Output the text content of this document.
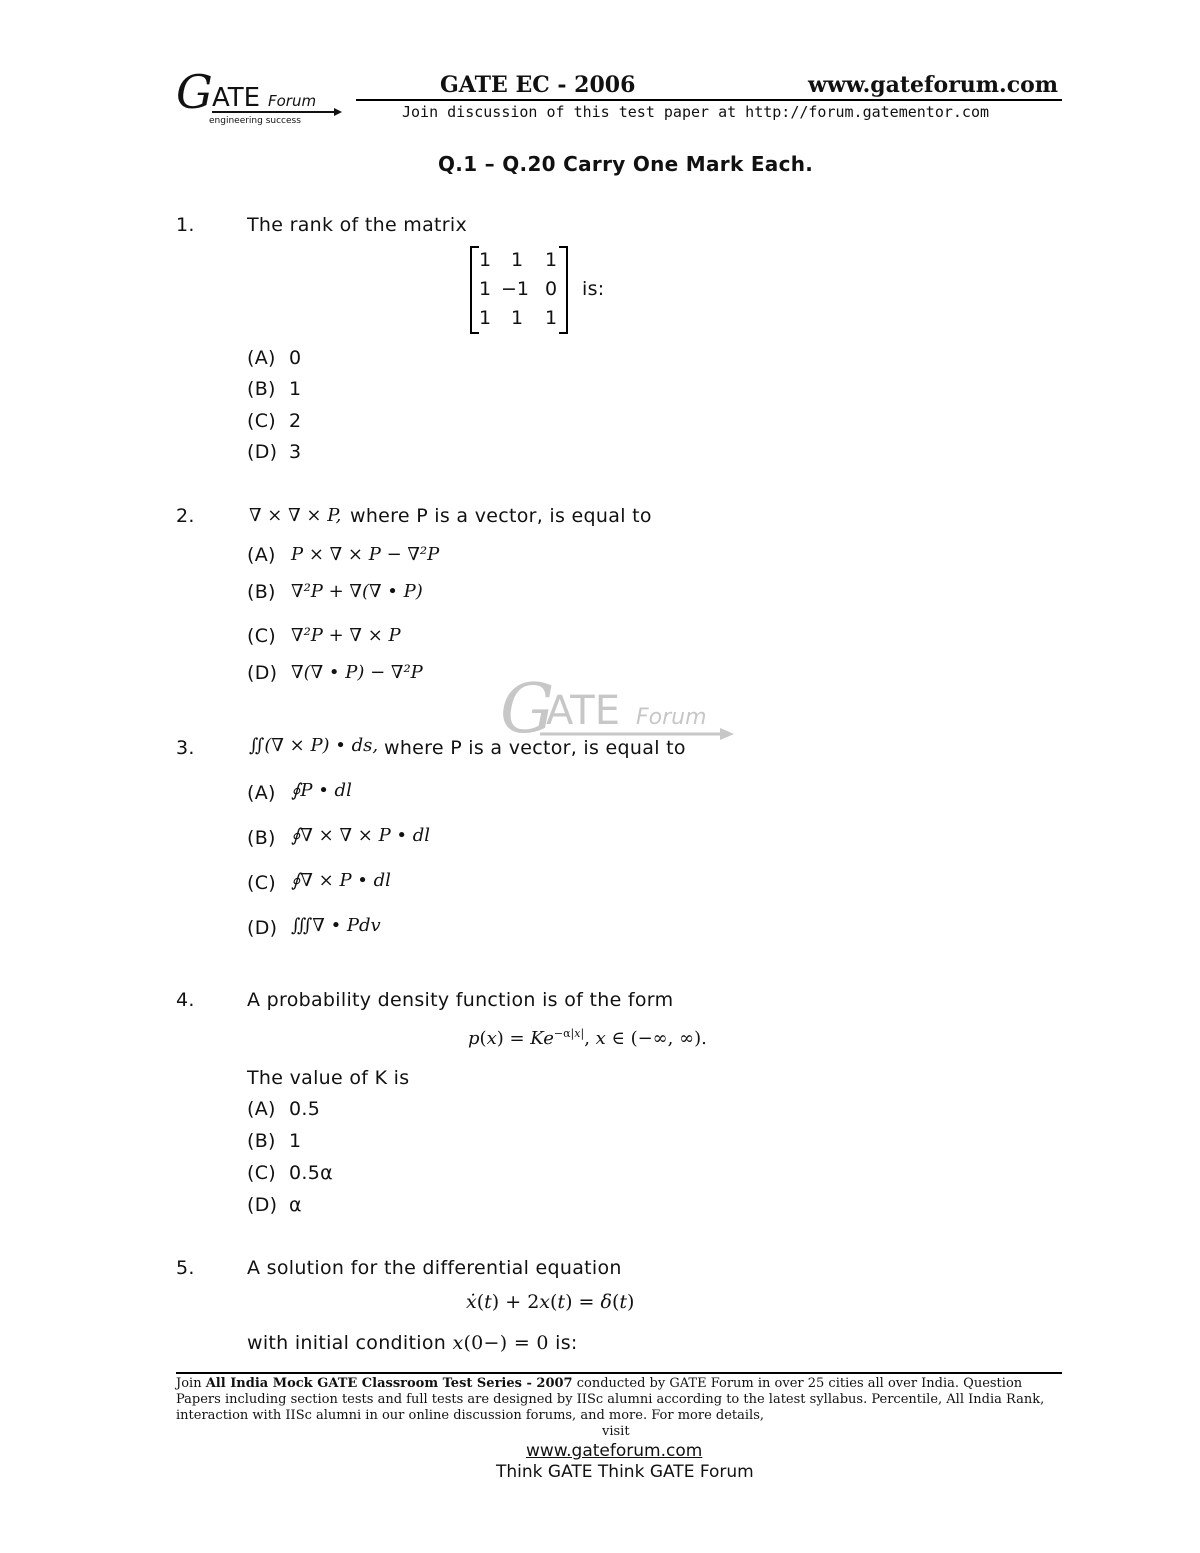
G ATE Forum
engineering success
GATE EC - 2006	www.gateforum.com
Join discussion of this test paper at http://forum.gatementor.com
G
ATE Forum
Q.1 – Q.20 Carry One Mark Each.
1.	The rank of the matrix
1	1	1
1 −1 0
1	1	1
is:
(A) 0
(B) 1
(C) 2
(D) 3
2.	∇ × ∇ × P, where P is a vector, is equal to
(A) P × ∇ × P − ∇²P
(B) ∇²P + ∇(∇ • P)
(C) ∇²P + ∇ × P
(D) ∇(∇ • P) − ∇²P
3.	∬(∇ × P) • ds, where P is a vector, is equal to
(A) ∮P • dl
(B) ∮∇ × ∇ × P • dl
(C) ∮∇ × P • dl
(D) ∭∇ • Pdv
4.	A probability density function is of the form
$p(x) = Ke^{-\alpha|x|}$, x ∈ (−∞, ∞).
The value of K is
(A) 0.5
(B) 1
(C) 0.5α
(D) α
5.	A solution for the differential equation
ẋ(t) + 2x(t) = δ(t)
with initial condition x(0−) = 0 is:
Join All India Mock GATE Classroom Test Series - 2007 conducted by GATE Forum in over 25 cities all over India. Question
Papers including section tests and full tests are designed by IISc alumni according to the latest syllabus. Percentile, All India Rank,
interaction with IISc alumni in our online discussion forums, and more. For more details,
visit
www.gateforum.com
Think GATE Think GATE Forum
